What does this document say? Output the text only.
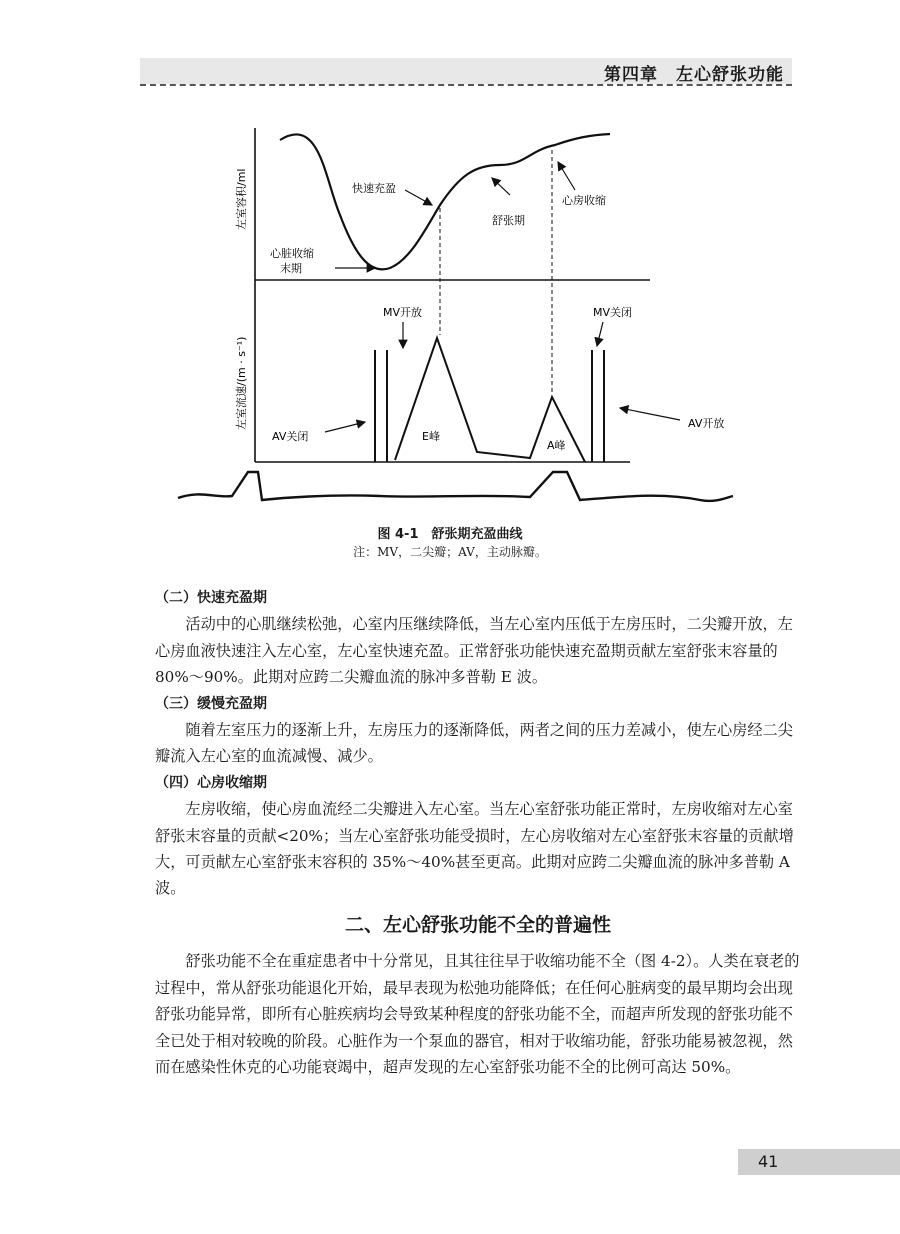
第四章　左心舒张功能
左室容积/ml
左室流速/(m · s⁻¹)
快速充盈
舒张期
心房收缩
心脏收缩
末期
MV开放	MV关闭
AV关闭
AV开放
E峰
A峰
图 4-1　舒张期充盈曲线
注：MV，二尖瓣；AV，主动脉瓣。

（二）快速充盈期

活动中的心肌继续松弛，心室内压继续降低，当左心室内压低于左房压时，二尖瓣开放，左心房血液快速注入左心室，左心室快速充盈。正常舒张功能快速充盈期贡献左室舒张末容量的 80%～90%。此期对应跨二尖瓣血流的脉冲多普勒 E 波。

（三）缓慢充盈期

随着左室压力的逐渐上升，左房压力的逐渐降低，两者之间的压力差减小，使左心房经二尖瓣流入左心室的血流减慢、减少。

（四）心房收缩期

左房收缩，使心房血流经二尖瓣进入左心室。当左心室舒张功能正常时，左房收缩对左心室舒张末容量的贡献<20%；当左心室舒张功能受损时，左心房收缩对左心室舒张末容量的贡献增大，可贡献左心室舒张末容积的 35%～40%甚至更高。此期对应跨二尖瓣血流的脉冲多普勒 A 波。

二、左心舒张功能不全的普遍性

舒张功能不全在重症患者中十分常见，且其往往早于收缩功能不全（图 4-2）。人类在衰老的过程中，常从舒张功能退化开始，最早表现为松弛功能降低；在任何心脏病变的最早期均会出现舒张功能异常，即所有心脏疾病均会导致某种程度的舒张功能不全，而超声所发现的舒张功能不全已处于相对较晚的阶段。心脏作为一个泵血的器官，相对于收缩功能，舒张功能易被忽视，然而在感染性休克的心功能衰竭中，超声发现的左心室舒张功能不全的比例可高达 50%。

41
